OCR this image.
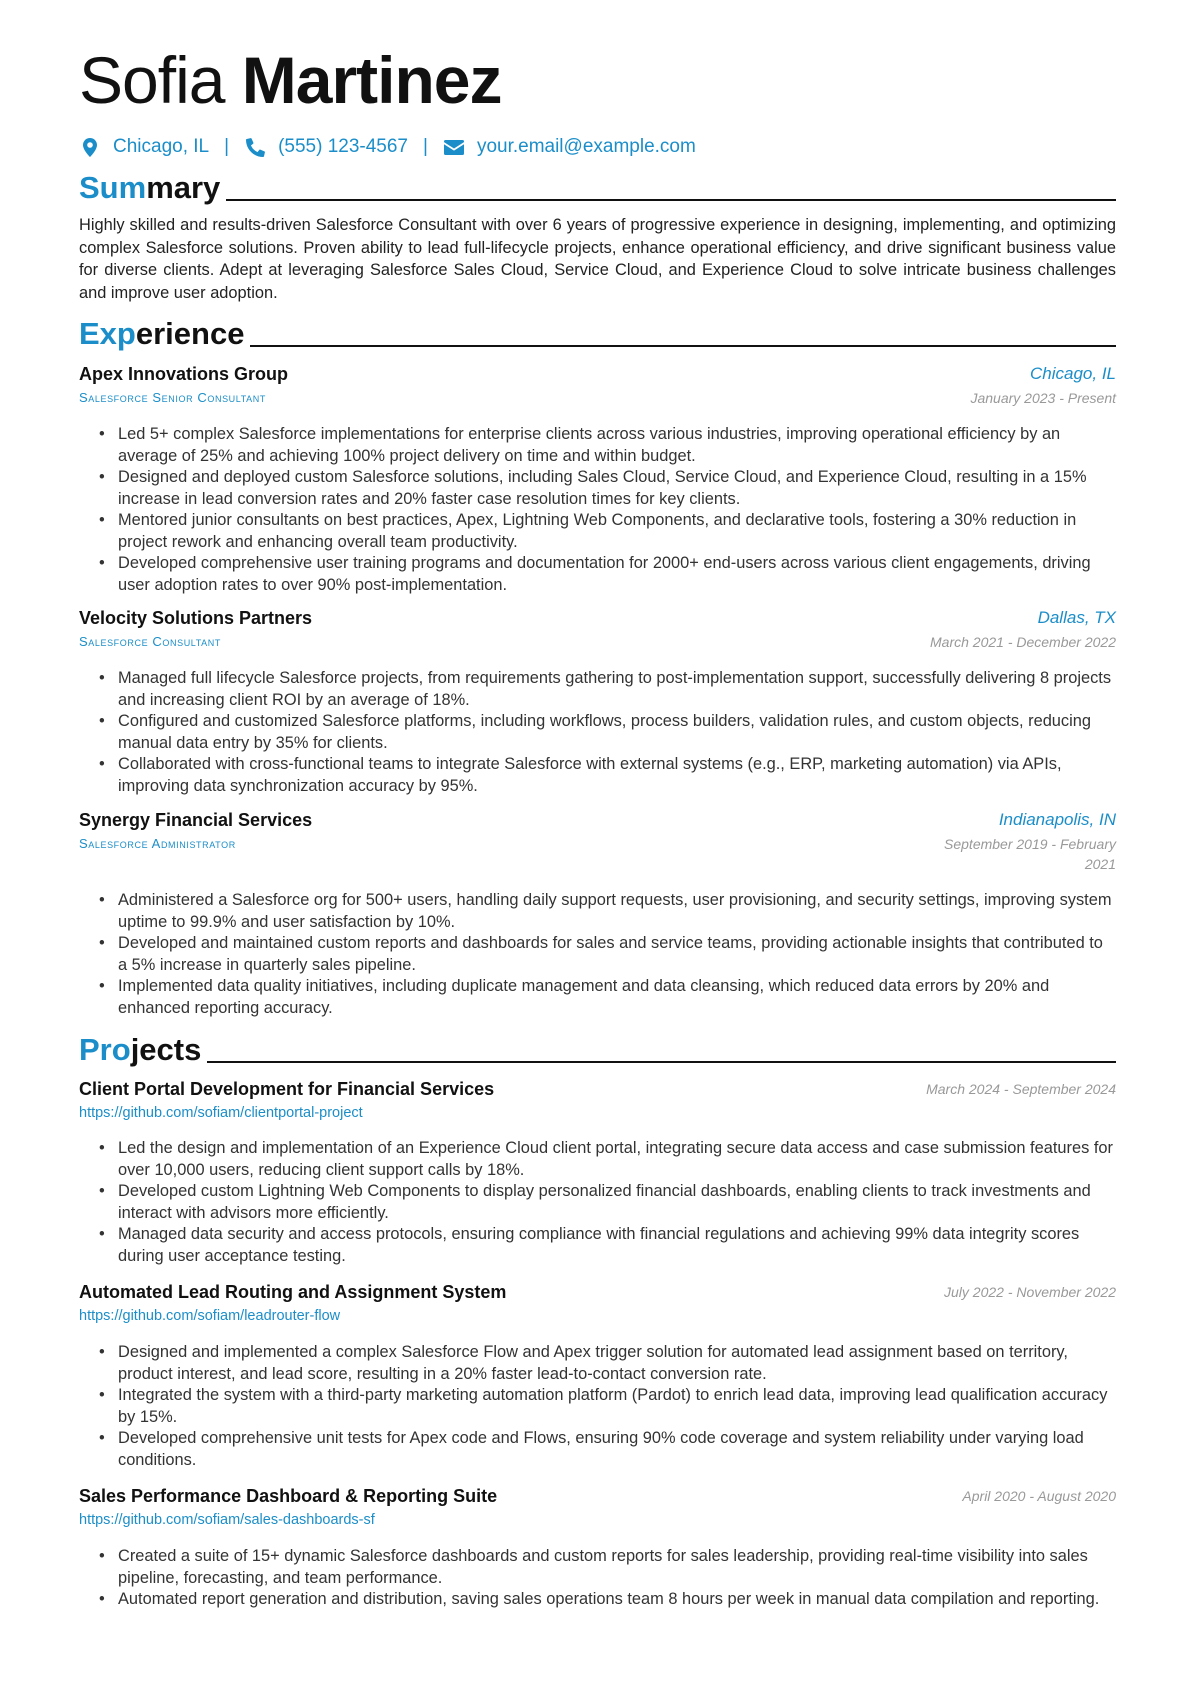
Sofia Martinez
Chicago, IL |	(555) 123-4567 |	your.email@example.com
Summary
Highly skilled and results-driven Salesforce Consultant with over 6 years of progressive experience in designing, implementing, and optimizing complex Salesforce solutions. Proven ability to lead full-lifecycle projects, enhance operational efficiency, and drive significant business value for diverse clients. Adept at leveraging Salesforce Sales Cloud, Service Cloud, and Experience Cloud to solve intricate business challenges and improve user adoption.
Experience
Apex Innovations Group
Salesforce Senior Consultant
Chicago, IL
January 2023 - Present
• Led 5+ complex Salesforce implementations for enterprise clients across various industries, improving operational efficiency by an average of 25% and achieving 100% project delivery on time and within budget.
• Designed and deployed custom Salesforce solutions, including Sales Cloud, Service Cloud, and Experience Cloud, resulting in a 15% increase in lead conversion rates and 20% faster case resolution times for key clients.
• Mentored junior consultants on best practices, Apex, Lightning Web Components, and declarative tools, fostering a 30% reduction in project rework and enhancing overall team productivity.
• Developed comprehensive user training programs and documentation for 2000+ end-users across various client engagements, driving user adoption rates to over 90% post-implementation.
Velocity Solutions Partners
Salesforce Consultant
Dallas, TX
March 2021 - December 2022
• Managed full lifecycle Salesforce projects, from requirements gathering to post-implementation support, successfully delivering 8 projects and increasing client ROI by an average of 18%.
• Configured and customized Salesforce platforms, including workflows, process builders, validation rules, and custom objects, reducing manual data entry by 35% for clients.
• Collaborated with cross-functional teams to integrate Salesforce with external systems (e.g., ERP, marketing automation) via APIs, improving data synchronization accuracy by 95%.
Synergy Financial Services
Salesforce Administrator
Indianapolis, IN
September 2019 - February 2021
• Administered a Salesforce org for 500+ users, handling daily support requests, user provisioning, and security settings, improving system uptime to 99.9% and user satisfaction by 10%.
• Developed and maintained custom reports and dashboards for sales and service teams, providing actionable insights that contributed to a 5% increase in quarterly sales pipeline.
• Implemented data quality initiatives, including duplicate management and data cleansing, which reduced data errors by 20% and enhanced reporting accuracy.
Projects
Client Portal Development for Financial Services	March 2024 - September 2024
https://github.com/sofiam/clientportal-project
• Led the design and implementation of an Experience Cloud client portal, integrating secure data access and case submission features for over 10,000 users, reducing client support calls by 18%.
• Developed custom Lightning Web Components to display personalized financial dashboards, enabling clients to track investments and interact with advisors more efficiently.
• Managed data security and access protocols, ensuring compliance with financial regulations and achieving 99% data integrity scores during user acceptance testing.
Automated Lead Routing and Assignment System	July 2022 - November 2022
https://github.com/sofiam/leadrouter-flow
• Designed and implemented a complex Salesforce Flow and Apex trigger solution for automated lead assignment based on territory, product interest, and lead score, resulting in a 20% faster lead-to-contact conversion rate.
• Integrated the system with a third-party marketing automation platform (Pardot) to enrich lead data, improving lead qualification accuracy by 15%.
• Developed comprehensive unit tests for Apex code and Flows, ensuring 90% code coverage and system reliability under varying load conditions.
Sales Performance Dashboard & Reporting Suite	April 2020 - August 2020
https://github.com/sofiam/sales-dashboards-sf
• Created a suite of 15+ dynamic Salesforce dashboards and custom reports for sales leadership, providing real-time visibility into sales pipeline, forecasting, and team performance.
• Automated report generation and distribution, saving sales operations team 8 hours per week in manual data compilation and reporting.
